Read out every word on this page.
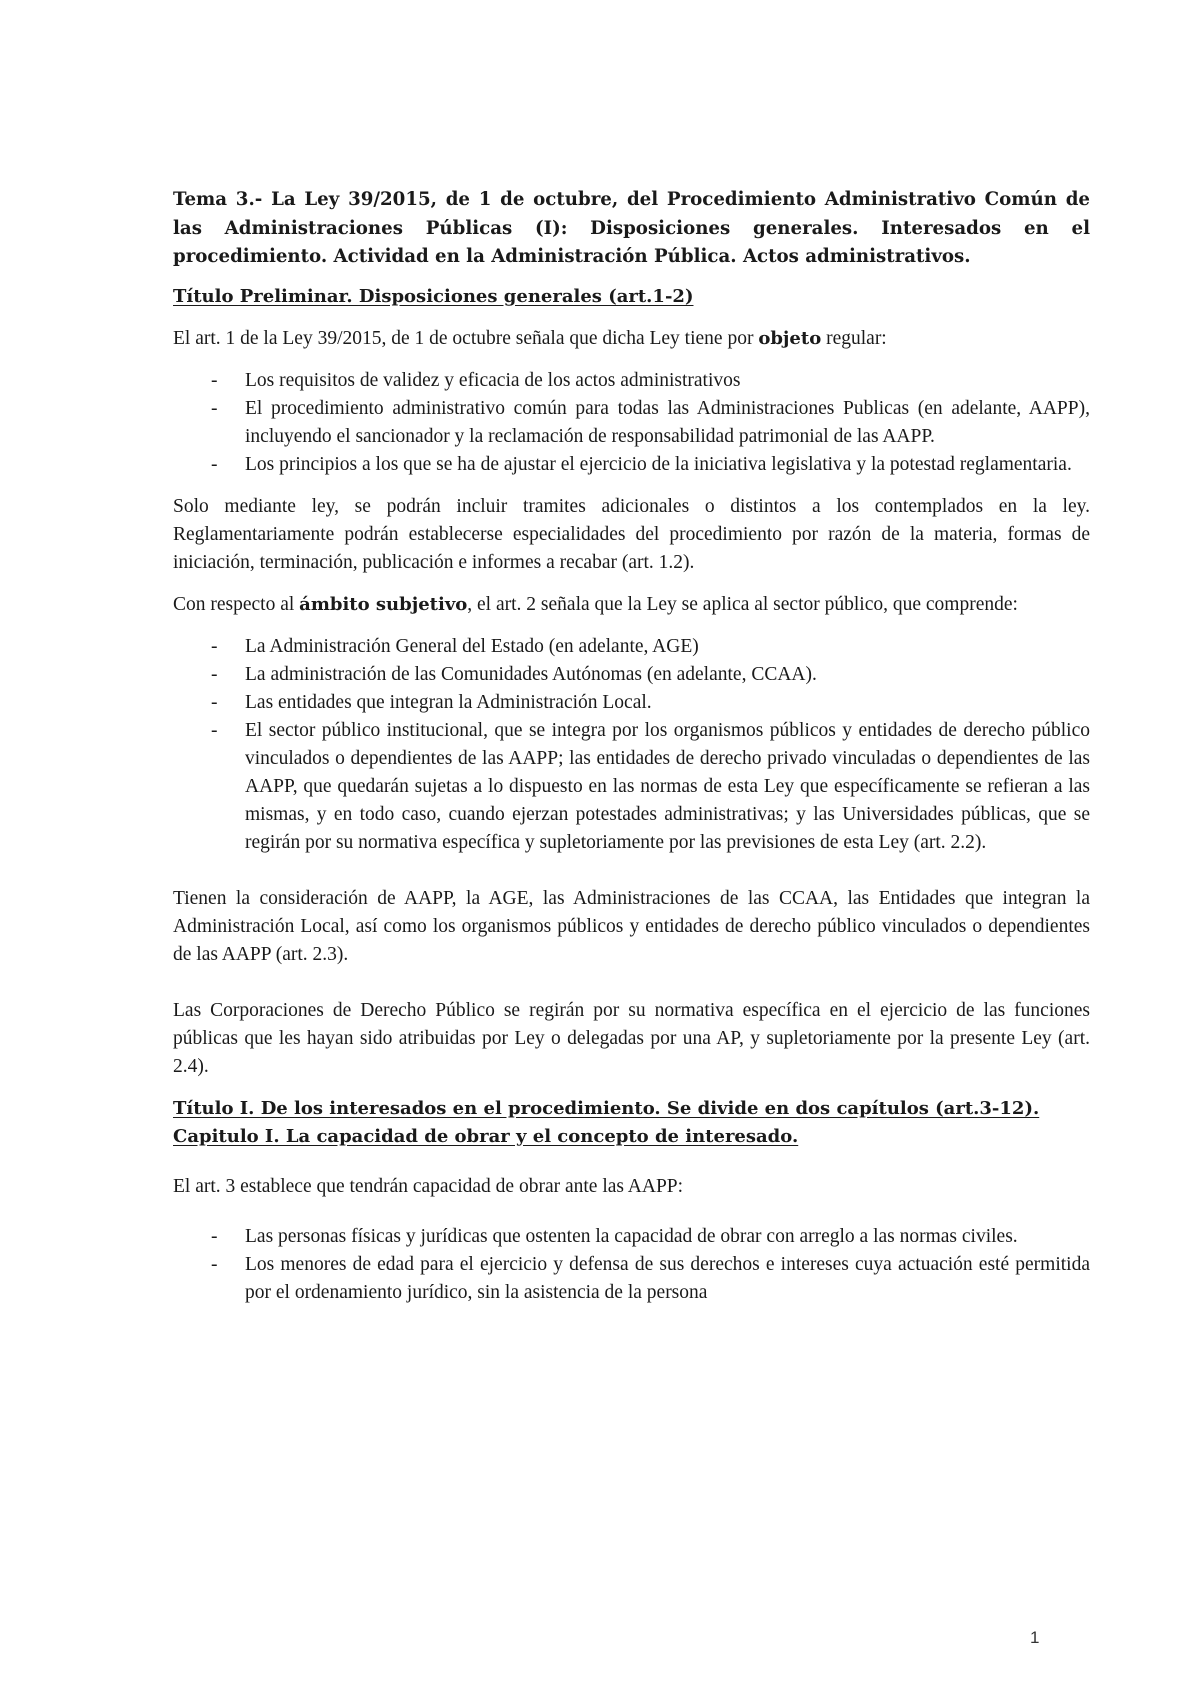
Tema 3.- La Ley 39/2015, de 1 de octubre, del Procedimiento Administrativo Común de las Administraciones Públicas (I): Disposiciones generales. Interesados en el procedimiento. Actividad en la Administración Pública. Actos administrativos.
Título Preliminar. Disposiciones generales (art.1-2)

El art. 1 de la Ley 39/2015, de 1 de octubre señala que dicha Ley tiene por objeto regular:

- Los requisitos de validez y eficacia de los actos administrativos
- El procedimiento administrativo común para todas las Administraciones Publicas (en adelante, AAPP), incluyendo el sancionador y la reclamación de responsabilidad patrimonial de las AAPP.
- Los principios a los que se ha de ajustar el ejercicio de la iniciativa legislativa y la potestad reglamentaria.

Solo mediante ley, se podrán incluir tramites adicionales o distintos a los contemplados en la ley. Reglamentariamente podrán establecerse especialidades del procedimiento por razón de la materia, formas de iniciación, terminación, publicación e informes a recabar (art. 1.2).

Con respecto al ámbito subjetivo, el art. 2 señala que la Ley se aplica al sector público, que comprende:

- La Administración General del Estado (en adelante, AGE)
- La administración de las Comunidades Autónomas (en adelante, CCAA).
- Las entidades que integran la Administración Local.
- El sector público institucional, que se integra por los organismos públicos y entidades de derecho público vinculados o dependientes de las AAPP; las entidades de derecho privado vinculadas o dependientes de las AAPP, que quedarán sujetas a lo dispuesto en las normas de esta Ley que específicamente se refieran a las mismas, y en todo caso, cuando ejerzan potestades administrativas; y las Universidades públicas, que se regirán por su normativa específica y supletoriamente por las previsiones de esta Ley (art. 2.2).

Tienen la consideración de AAPP, la AGE, las Administraciones de las CCAA, las Entidades que integran la Administración Local, así como los organismos públicos y entidades de derecho público vinculados o dependientes de las AAPP (art. 2.3).

Las Corporaciones de Derecho Público se regirán por su normativa específica en el ejercicio de las funciones públicas que les hayan sido atribuidas por Ley o delegadas por una AP, y supletoriamente por la presente Ley (art. 2.4).

Título I. De los interesados en el procedimiento. Se divide en dos capítulos (art.3-12).
Capitulo I. La capacidad de obrar y el concepto de interesado.

El art. 3 establece que tendrán capacidad de obrar ante las AAPP:

- Las personas físicas y jurídicas que ostenten la capacidad de obrar con arreglo a las normas civiles.
- Los menores de edad para el ejercicio y defensa de sus derechos e intereses cuya actuación esté permitida por el ordenamiento jurídico, sin la asistencia de la persona
1
